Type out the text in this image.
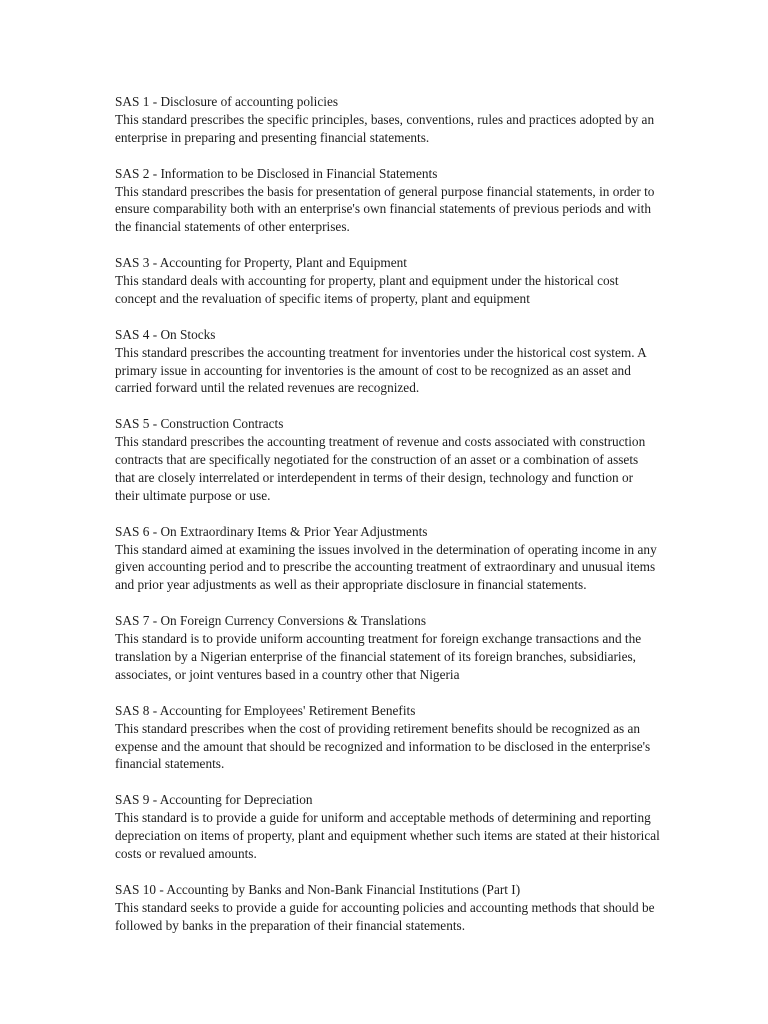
SAS 1 - Disclosure of accounting policies
This standard prescribes the specific principles, bases, conventions, rules and practices adopted by an enterprise in preparing and presenting financial statements.
SAS 2 - Information to be Disclosed in Financial Statements
This standard prescribes the basis for presentation of general purpose financial statements, in order to ensure comparability both with an enterprise's own financial statements of previous periods and with the financial statements of other enterprises.
SAS 3 - Accounting for Property, Plant and Equipment
This standard deals with accounting for property, plant and equipment under the historical cost concept and the revaluation of specific items of property, plant and equipment
SAS 4 - On Stocks
This standard prescribes the accounting treatment for inventories under the historical cost system. A primary issue in accounting for inventories is the amount of cost to be recognized as an asset and carried forward until the related revenues are recognized.
SAS 5 - Construction Contracts
This standard prescribes the accounting treatment of revenue and costs associated with construction contracts that are specifically negotiated for the construction of an asset or a combination of assets that are closely interrelated or interdependent in terms of their design, technology and function or their ultimate purpose or use.
SAS 6 - On Extraordinary Items & Prior Year Adjustments
This standard aimed at examining the issues involved in the determination of operating income in any given accounting period and to prescribe the accounting treatment of extraordinary and unusual items and prior year adjustments as well as their appropriate disclosure in financial statements.
SAS 7 - On Foreign Currency Conversions & Translations
This standard is to provide uniform accounting treatment for foreign exchange transactions and the translation by a Nigerian enterprise of the financial statement of its foreign branches, subsidiaries, associates, or joint ventures based in a country other that Nigeria
SAS 8 - Accounting for Employees' Retirement Benefits
This standard prescribes when the cost of providing retirement benefits should be recognized as an expense and the amount that should be recognized and information to be disclosed in the enterprise's financial statements.
SAS 9 - Accounting for Depreciation
This standard is to provide a guide for uniform and acceptable methods of determining and reporting depreciation on items of property, plant and equipment whether such items are stated at their historical costs or revalued amounts.
SAS 10 - Accounting by Banks and Non-Bank Financial Institutions (Part I)
This standard seeks to provide a guide for accounting policies and accounting methods that should be followed by banks in the preparation of their financial statements.
